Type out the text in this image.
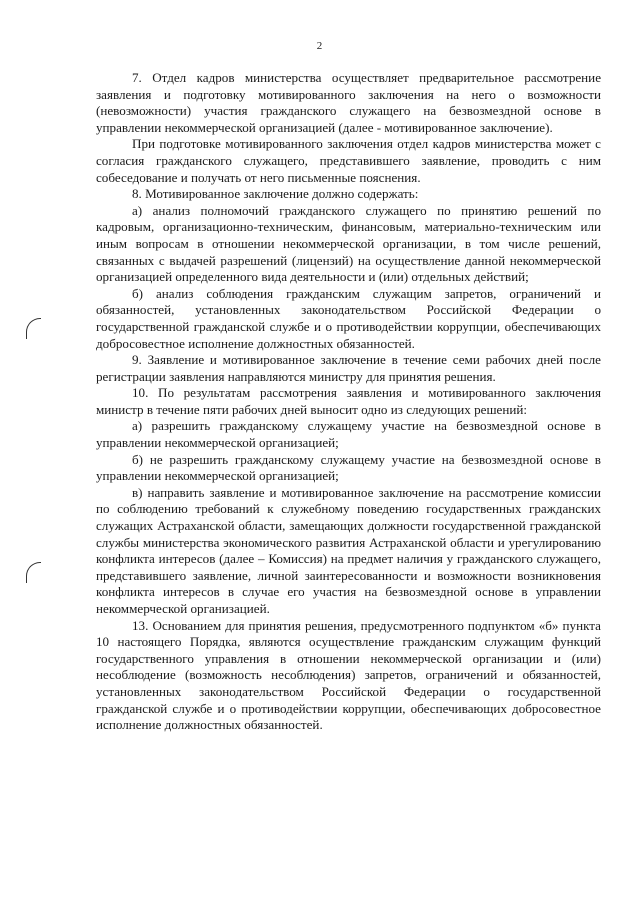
2

7. Отдел кадров министерства осуществляет предварительное рассмотрение заявления и подготовку мотивированного заключения на него о возможности (невозможности) участия гражданского служащего на безвозмездной основе в управлении некоммерческой организацией (далее - мотивированное заключение).

При подготовке мотивированного заключения отдел кадров министерства может с согласия гражданского служащего, представившего заявление, проводить с ним собеседование и получать от него письменные пояснения.

8. Мотивированное заключение должно содержать:

а) анализ полномочий гражданского служащего по принятию решений по кадровым, организационно-техническим, финансовым, материально-техническим или иным вопросам в отношении некоммерческой организации, в том числе решений, связанных с выдачей разрешений (лицензий) на осуществление данной некоммерческой организацией определенного вида деятельности и (или) отдельных действий;

б) анализ соблюдения гражданским служащим запретов, ограничений и обязанностей, установленных законодательством Российской Федерации о государственной гражданской службе и о противодействии коррупции, обеспечивающих добросовестное исполнение должностных обязанностей.

9. Заявление и мотивированное заключение в течение семи рабочих дней после регистрации заявления направляются министру для принятия решения.

10. По результатам рассмотрения заявления и мотивированного заключения министр в течение пяти рабочих дней выносит одно из следующих решений:

а) разрешить гражданскому служащему участие на безвозмездной основе в управлении некоммерческой организацией;

б) не разрешить гражданскому служащему участие на безвозмездной основе в управлении некоммерческой организацией;

в) направить заявление и мотивированное заключение на рассмотрение комиссии по соблюдению требований к служебному поведению государственных гражданских служащих Астраханской области, замещающих должности государственной гражданской службы министерства экономического развития Астраханской области и урегулированию конфликта интересов (далее – Комиссия) на предмет наличия у гражданского служащего, представившего заявление, личной заинтересованности и возможности возникновения конфликта интересов в случае его участия на безвозмездной основе в управлении некоммерческой организацией.

13. Основанием для принятия решения, предусмотренного подпунктом «б» пункта 10 настоящего Порядка, являются осуществление гражданским служащим функций государственного управления в отношении некоммерческой организации и (или) несоблюдение (возможность несоблюдения) запретов, ограничений и обязанностей, установленных законодательством Российской Федерации о государственной гражданской службе и о противодействии коррупции, обеспечивающих добросовестное исполнение должностных обязанностей.
